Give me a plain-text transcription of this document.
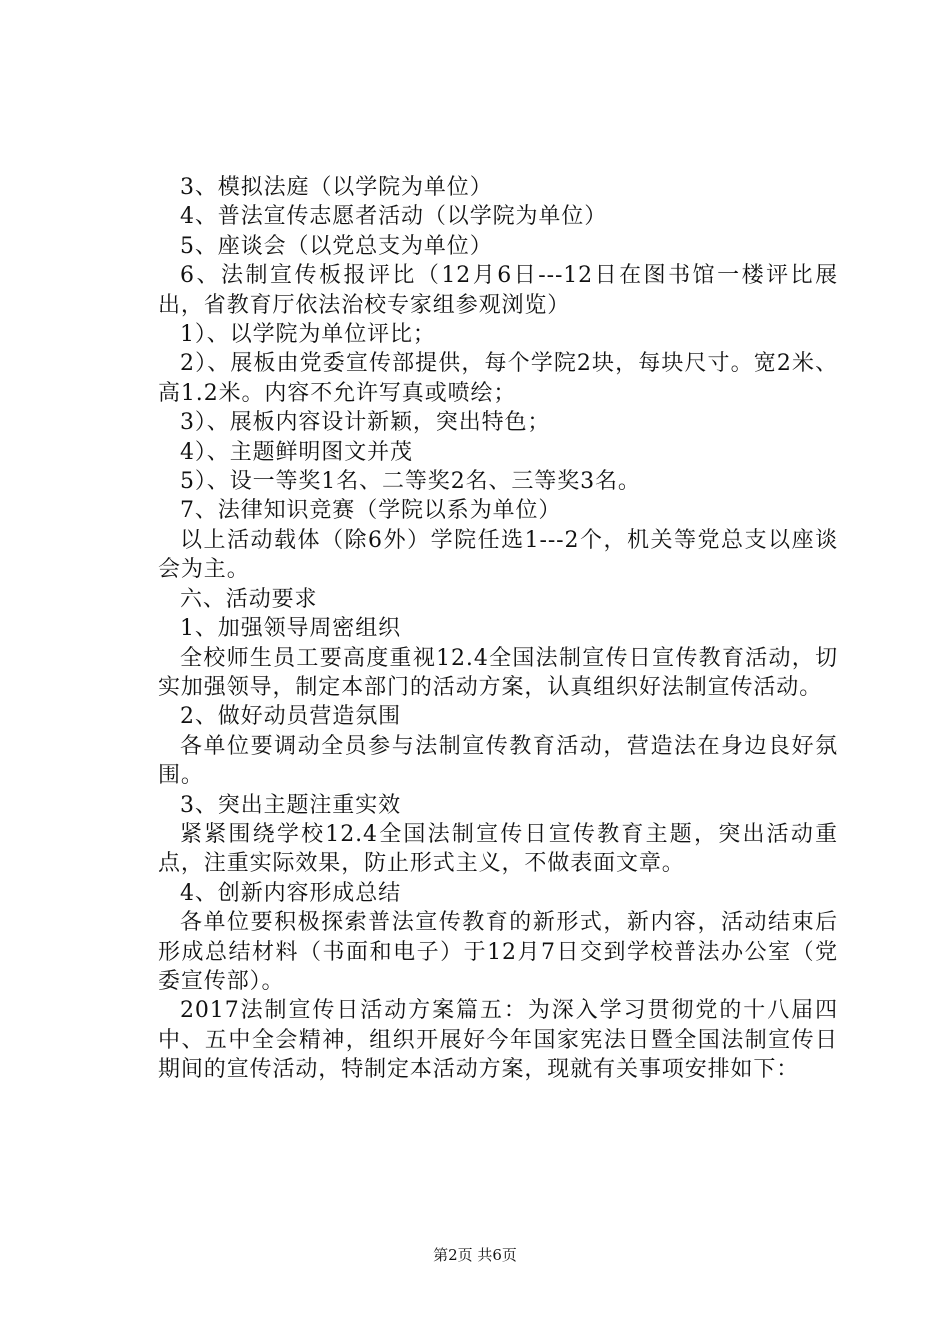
3、模拟法庭（以学院为单位）

4、普法宣传志愿者活动（以学院为单位）

5、座谈会（以党总支为单位）

6、法制宣传板报评比（12月6日---12日在图书馆一楼评比展出，省教育厅依法治校专家组参观浏览）

1）、以学院为单位评比；

2）、展板由党委宣传部提供，每个学院2块，每块尺寸。宽2米、高1.2米。内容不允许写真或喷绘；

3）、展板内容设计新颖，突出特色；

4）、主题鲜明图文并茂

5）、设一等奖1名、二等奖2名、三等奖3名。

7、法律知识竞赛（学院以系为单位）

以上活动载体（除6外）学院任选1---2个，机关等党总支以座谈会为主。

六、活动要求

1、加强领导周密组织

全校师生员工要高度重视12.4全国法制宣传日宣传教育活动，切实加强领导，制定本部门的活动方案，认真组织好法制宣传活动。

2、做好动员营造氛围

各单位要调动全员参与法制宣传教育活动，营造法在身边良好氛围。

3、突出主题注重实效

紧紧围绕学校12.4全国法制宣传日宣传教育主题，突出活动重点，注重实际效果，防止形式主义，不做表面文章。

4、创新内容形成总结

各单位要积极探索普法宣传教育的新形式，新内容，活动结束后形成总结材料（书面和电子）于12月7日交到学校普法办公室（党委宣传部）。

2017法制宣传日活动方案篇五：为深入学习贯彻党的十八届四中、五中全会精神，组织开展好今年国家宪法日暨全国法制宣传日期间的宣传活动，特制定本活动方案，现就有关事项安排如下：

第2页 共6页
